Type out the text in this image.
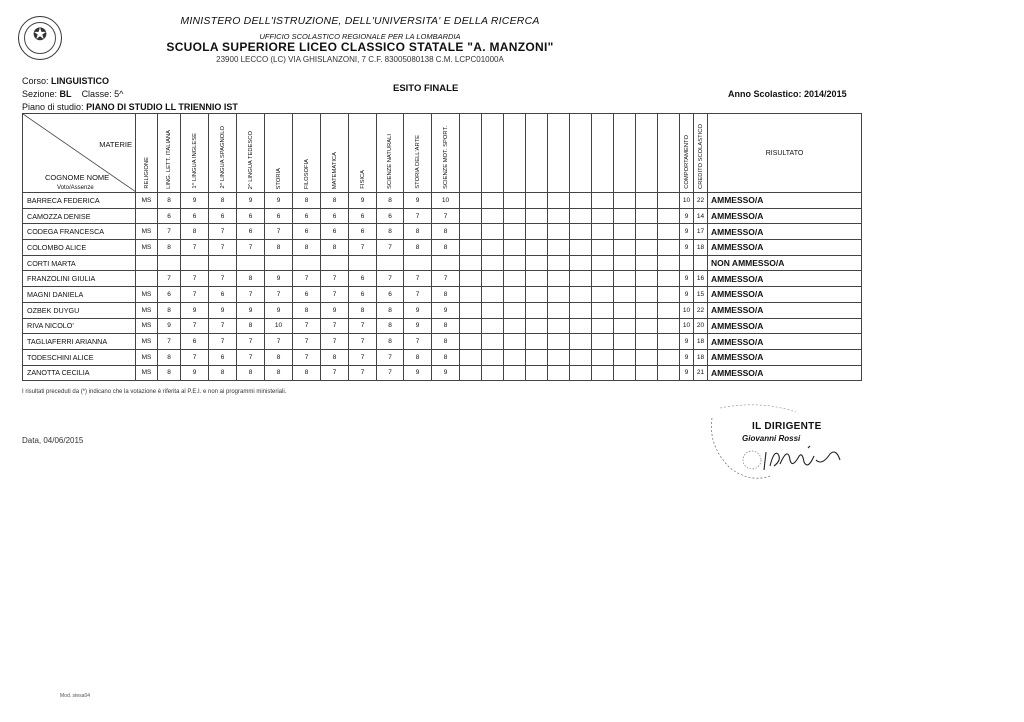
✪
MINISTERO DELL'ISTRUZIONE, DELL'UNIVERSITA' E DELLA RICERCA
UFFICIO SCOLASTICO REGIONALE PER LA LOMBARDIA
SCUOLA SUPERIORE LICEO CLASSICO STATALE "A. MANZONI"
23900 LECCO (LC) VIA GHISLANZONI, 7 C.F. 83005080138 C.M. LCPC01000A
Corso: LINGUISTICO
Sezione: BL Classe: 5^	ESITO FINALE	Anno Scolastico: 2014/2015
Piano di studio: PIANO DI STUDIO LL TRIENNIO IST
MATERIE
COGNOME NOME
Voto/Assenze	RELIGIONE	LING. LETT. ITALIANA	1^ LINGUA INGLESE	2^ LINGUA SPAGNOLO	2^ LINGUA TEDESCO	STORIA	FILOSOFIA	MATEMATICA	FISICA	SCIENZE NATURALI	STORIA DELL'ARTE	SCIENZE MOT. SPORT.											COMPORTAMENTO	CREDITO SCOLASTICO	RISULTATO

BARRECA FEDERICA	MS	8	9	8	9	9	8	8	9	8	9	10											10	22	AMMESSO/A
CAMOZZA DENISE		6	6	6	6	6	6	6	6	6	7	7											9	14	AMMESSO/A
CODEGA FRANCESCA	MS	7	8	7	6	7	6	6	6	8	8	8											9	17	AMMESSO/A
COLOMBO ALICE	MS	8	7	7	7	8	8	8	7	7	8	8											9	18	AMMESSO/A
CORTI MARTA																									NON AMMESSO/A
FRANZOLINI GIULIA		7	7	7	8	9	7	7	6	7	7	7											9	16	AMMESSO/A
MAGNI DANIELA	MS	6	7	6	7	7	6	7	6	6	7	8											9	15	AMMESSO/A
OZBEK DUYGU	MS	8	9	9	9	9	8	9	8	8	9	9											10	22	AMMESSO/A
RIVA NICOLO'	MS	9	7	7	8	10	7	7	7	8	9	8											10	20	AMMESSO/A
TAGLIAFERRI ARIANNA	MS	7	6	7	7	7	7	7	7	8	7	8											9	18	AMMESSO/A
TODESCHINI ALICE	MS	8	7	6	7	8	7	8	7	7	8	8											9	18	AMMESSO/A
ZANOTTA CECILIA	MS	8	9	8	8	8	8	7	7	7	9	9											9	21	AMMESSO/A
I risultati preceduti da (*) indicano che la votazione è riferita al P.E.I. e non ai programmi ministeriali.
Data, 04/06/2015
IL DIRIGENTE
Giovanni Rossi
Mod. stesa04
